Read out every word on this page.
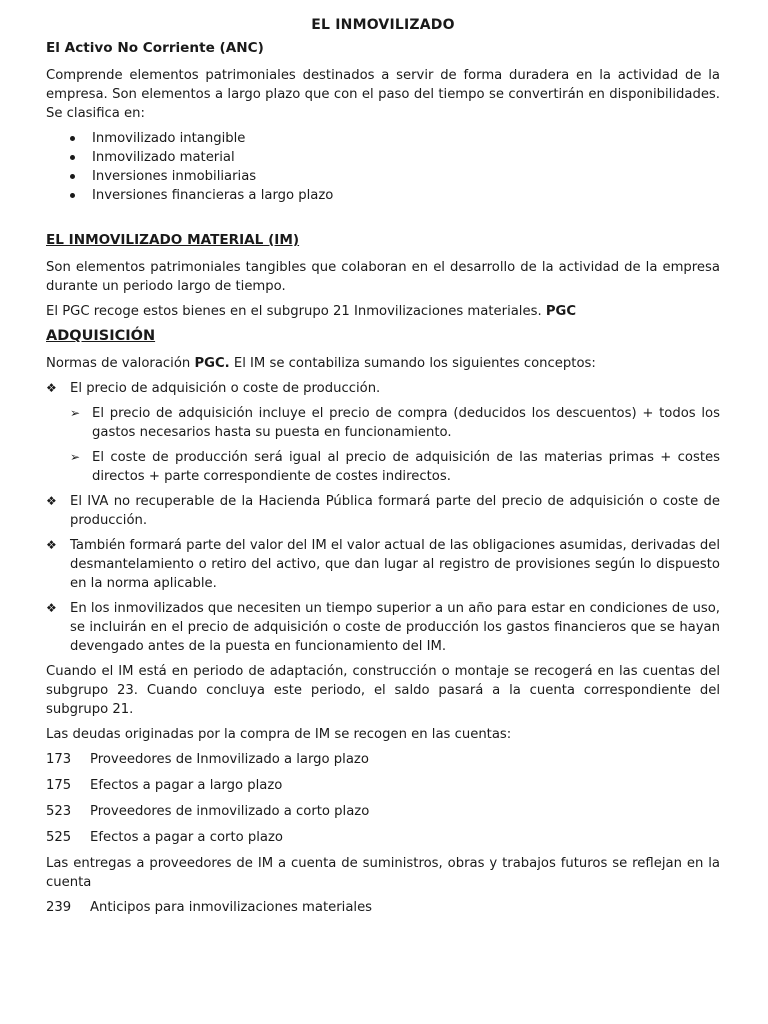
EL INMOVILIZADO
El Activo No Corriente (ANC)

Comprende elementos patrimoniales destinados a servir de forma duradera en la actividad de la empresa. Son elementos a largo plazo que con el paso del tiempo se convertirán en disponibilidades. Se clasifica en:

Inmovilizado intangible
Inmovilizado material
Inversiones inmobiliarias
Inversiones financieras a largo plazo
EL INMOVILIZADO MATERIAL (IM)

Son elementos patrimoniales tangibles que colaboran en el desarrollo de la actividad de la empresa durante un periodo largo de tiempo.

El PGC recoge estos bienes en el subgrupo 21 Inmovilizaciones materiales. PGC

ADQUISICIÓN

Normas de valoración PGC. El IM se contabiliza sumando los siguientes conceptos:

❖ El precio de adquisición o coste de producción.
➢ El precio de adquisición incluye el precio de compra (deducidos los descuentos) + todos los gastos necesarios hasta su puesta en funcionamiento.
➢ El coste de producción será igual al precio de adquisición de las materias primas + costes directos + parte correspondiente de costes indirectos.
❖ El IVA no recuperable de la Hacienda Pública formará parte del precio de adquisición o coste de producción.
❖ También formará parte del valor del IM el valor actual de las obligaciones asumidas, derivadas del desmantelamiento o retiro del activo, que dan lugar al registro de provisiones según lo dispuesto en la norma aplicable.
❖ En los inmovilizados que necesiten un tiempo superior a un año para estar en condiciones de uso, se incluirán en el precio de adquisición o coste de producción los gastos financieros que se hayan devengado antes de la puesta en funcionamiento del IM.

Cuando el IM está en periodo de adaptación, construcción o montaje se recogerá en las cuentas del subgrupo 23. Cuando concluya este periodo, el saldo pasará a la cuenta correspondiente del subgrupo 21.

Las deudas originadas por la compra de IM se recogen en las cuentas:

173	Proveedores de Inmovilizado a largo plazo
175	Efectos a pagar a largo plazo
523	Proveedores de inmovilizado a corto plazo
525	Efectos a pagar a corto plazo

Las entregas a proveedores de IM a cuenta de suministros, obras y trabajos futuros se reflejan en la cuenta

239	Anticipos para inmovilizaciones materiales
